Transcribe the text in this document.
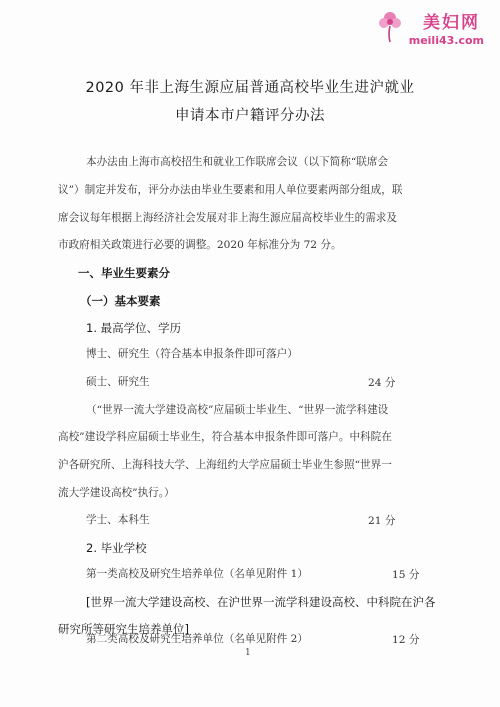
美妇网
meili43.com
2020 年非上海生源应届普通高校毕业生进沪就业
申请本市户籍评分办法
本办法由上海市高校招生和就业工作联席会议（以下简称“联席会
议”）制定并发布，评分办法由毕业生要素和用人单位要素两部分组成，联
席会议每年根据上海经济社会发展对非上海生源应届高校毕业生的需求及
市政府相关政策进行必要的调整。2020 年标准分为 72 分。
一、毕业生要素分
（一）基本要素
1. 最高学位、学历
博士、研究生（符合基本申报条件即可落户）
硕士、研究生	24 分
（“世界一流大学建设高校”应届硕士毕业生、“世界一流学科建设
高校”建设学科应届硕士毕业生，符合基本申报条件即可落户。中科院在
沪各研究所、上海科技大学、上海纽约大学应届硕士毕业生参照“世界一
流大学建设高校”执行。）
学士、本科生	21 分
2. 毕业学校
第一类高校及研究生培养单位（名单见附件 1）	15 分
[世界一流大学建设高校、在沪世界一流学科建设高校、中科院在沪各
研究所等研究生培养单位]
第二类高校及研究生培养单位（名单见附件 2）	12 分
1
